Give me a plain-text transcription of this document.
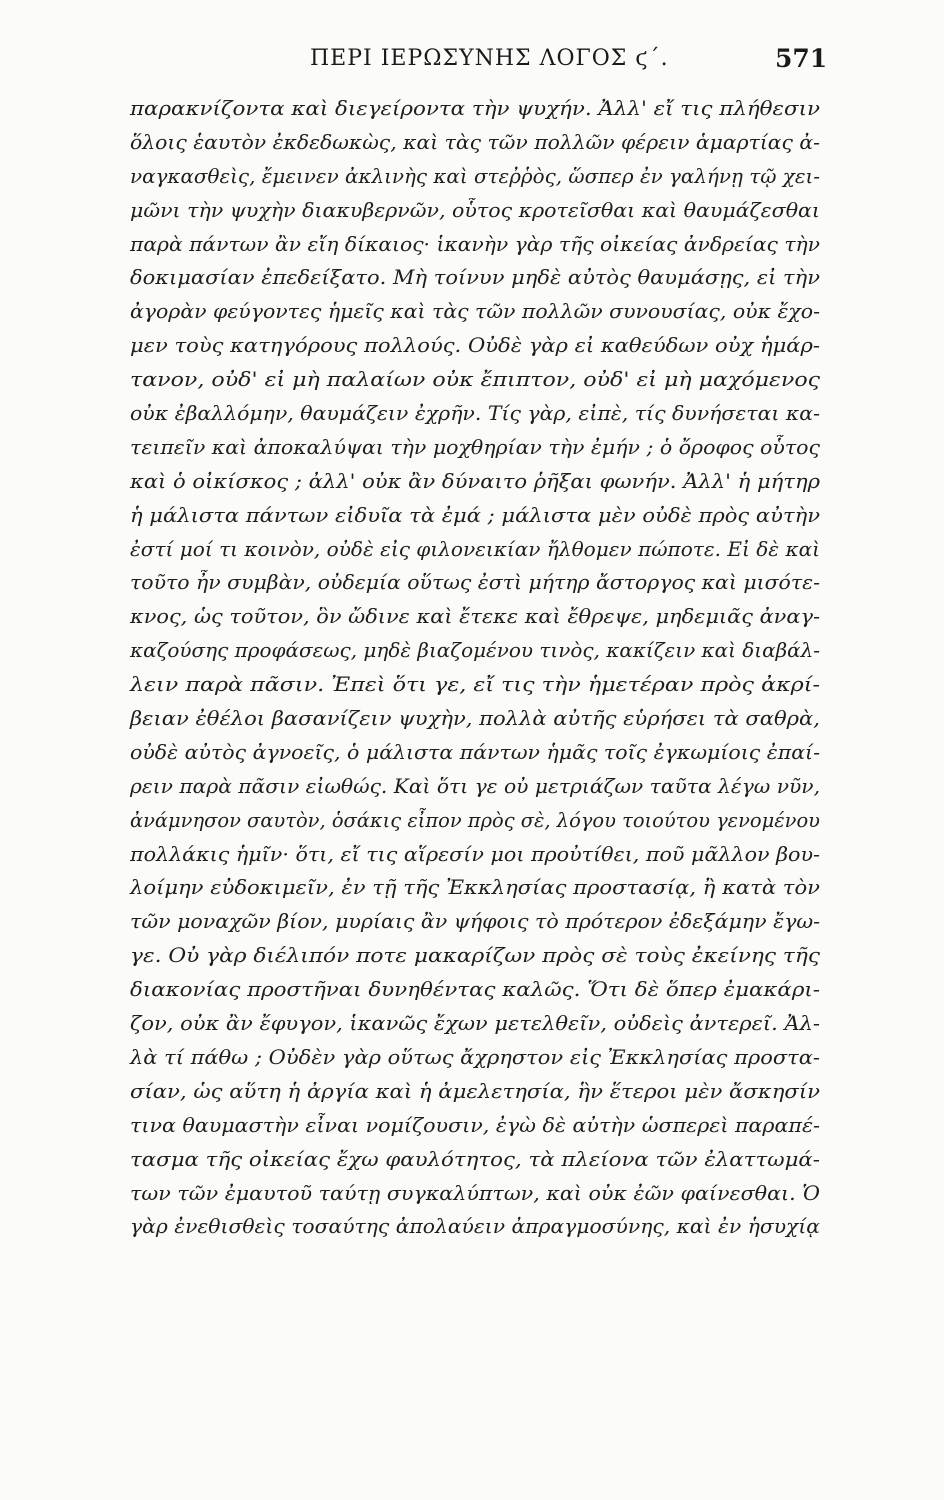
ΠΕΡΙ ΙΕΡΩΣΥΝΗΣ ΛΟΓΟΣ ϛ΄.	571
παρακνίζοντα καὶ διεγείροντα τὴν ψυχήν. Ἀλλ' εἴ τις πλήθεσιν
ὅλοις ἑαυτὸν ἐκδεδωκὼς, καὶ τὰς τῶν πολλῶν φέρειν ἁμαρτίας ἀ-
ναγκασθεὶς, ἔμεινεν ἀκλινὴς καὶ στεῤῥὸς, ὥσπερ ἐν γαλήνῃ τῷ χει-
μῶνι τὴν ψυχὴν διακυβερνῶν, οὗτος κροτεῖσθαι καὶ θαυμάζεσθαι
παρὰ πάντων ἂν εἴη δίκαιος· ἱκανὴν γὰρ τῆς οἰκείας ἀνδρείας τὴν
δοκιμασίαν ἐπεδείξατο. Μὴ τοίνυν μηδὲ αὐτὸς θαυμάσῃς, εἰ τὴν
ἀγορὰν φεύγοντες ἡμεῖς καὶ τὰς τῶν πολλῶν συνουσίας, οὐκ ἔχο-
μεν τοὺς κατηγόρους πολλούς. Οὐδὲ γὰρ εἰ καθεύδων οὐχ ἡμάρ-
τανον, οὐδ' εἰ μὴ παλαίων οὐκ ἔπιπτον, οὐδ' εἰ μὴ μαχόμενος
οὐκ ἐβαλλόμην, θαυμάζειν ἐχρῆν. Τίς γὰρ, εἰπὲ, τίς δυνήσεται κα-
τειπεῖν καὶ ἀποκαλύψαι τὴν μοχθηρίαν τὴν ἐμήν ; ὁ ὄροφος οὗτος
καὶ ὁ οἰκίσκος ; ἀλλ' οὐκ ἂν δύναιτο ῥῆξαι φωνήν. Ἀλλ' ἡ μήτηρ
ἡ μάλιστα πάντων εἰδυῖα τὰ ἐμά ; μάλιστα μὲν οὐδὲ πρὸς αὐτὴν
ἐστί μοί τι κοινὸν, οὐδὲ εἰς φιλονεικίαν ἤλθομεν πώποτε. Εἰ δὲ καὶ
τοῦτο ἦν συμβὰν, οὐδεμία οὕτως ἐστὶ μήτηρ ἄστοργος καὶ μισότε-
κνος, ὡς τοῦτον, ὃν ὤδινε καὶ ἔτεκε καὶ ἔθρεψε, μηδεμιᾶς ἀναγ-
καζούσης προφάσεως, μηδὲ βιαζομένου τινὸς, κακίζειν καὶ διαβάλ-
λειν παρὰ πᾶσιν. Ἐπεὶ ὅτι γε, εἴ τις τὴν ἡμετέραν πρὸς ἀκρί-
βειαν ἐθέλοι βασανίζειν ψυχὴν, πολλὰ αὐτῆς εὑρήσει τὰ σαθρὰ,
οὐδὲ αὐτὸς ἀγνοεῖς, ὁ μάλιστα πάντων ἡμᾶς τοῖς ἐγκωμίοις ἐπαί-
ρειν παρὰ πᾶσιν εἰωθώς. Καὶ ὅτι γε οὐ μετριάζων ταῦτα λέγω νῦν,
ἀνάμνησον σαυτὸν, ὁσάκις εἶπον πρὸς σὲ, λόγου τοιούτου γενομένου
πολλάκις ἡμῖν· ὅτι, εἴ τις αἵρεσίν μοι προὐτίθει, ποῦ μᾶλλον βου-
λοίμην εὐδοκιμεῖν, ἐν τῇ τῆς Ἐκκλησίας προστασίᾳ, ἢ κατὰ τὸν
τῶν μοναχῶν βίον, μυρίαις ἂν ψήφοις τὸ πρότερον ἐδεξάμην ἔγω-
γε. Οὐ γὰρ διέλιπόν ποτε μακαρίζων πρὸς σὲ τοὺς ἐκείνης τῆς
διακονίας προστῆναι δυνηθέντας καλῶς. Ὅτι δὲ ὅπερ ἐμακάρι-
ζον, οὐκ ἂν ἔφυγον, ἱκανῶς ἔχων μετελθεῖν, οὐδεὶς ἀντερεῖ. Ἀλ-
λὰ τί πάθω ; Οὐδὲν γὰρ οὕτως ἄχρηστον εἰς Ἐκκλησίας προστα-
σίαν, ὡς αὕτη ἡ ἀργία καὶ ἡ ἀμελετησία, ἣν ἕτεροι μὲν ἄσκησίν
τινα θαυμαστὴν εἶναι νομίζουσιν, ἐγὼ δὲ αὐτὴν ὡσπερεὶ παραπέ-
τασμα τῆς οἰκείας ἔχω φαυλότητος, τὰ πλείονα τῶν ἐλαττωμά-
των τῶν ἐμαυτοῦ ταύτῃ συγκαλύπτων, καὶ οὐκ ἐῶν φαίνεσθαι. Ὁ
γὰρ ἐνεθισθεὶς τοσαύτης ἀπολαύειν ἀπραγμοσύνης, καὶ ἐν ἡσυχίᾳ
